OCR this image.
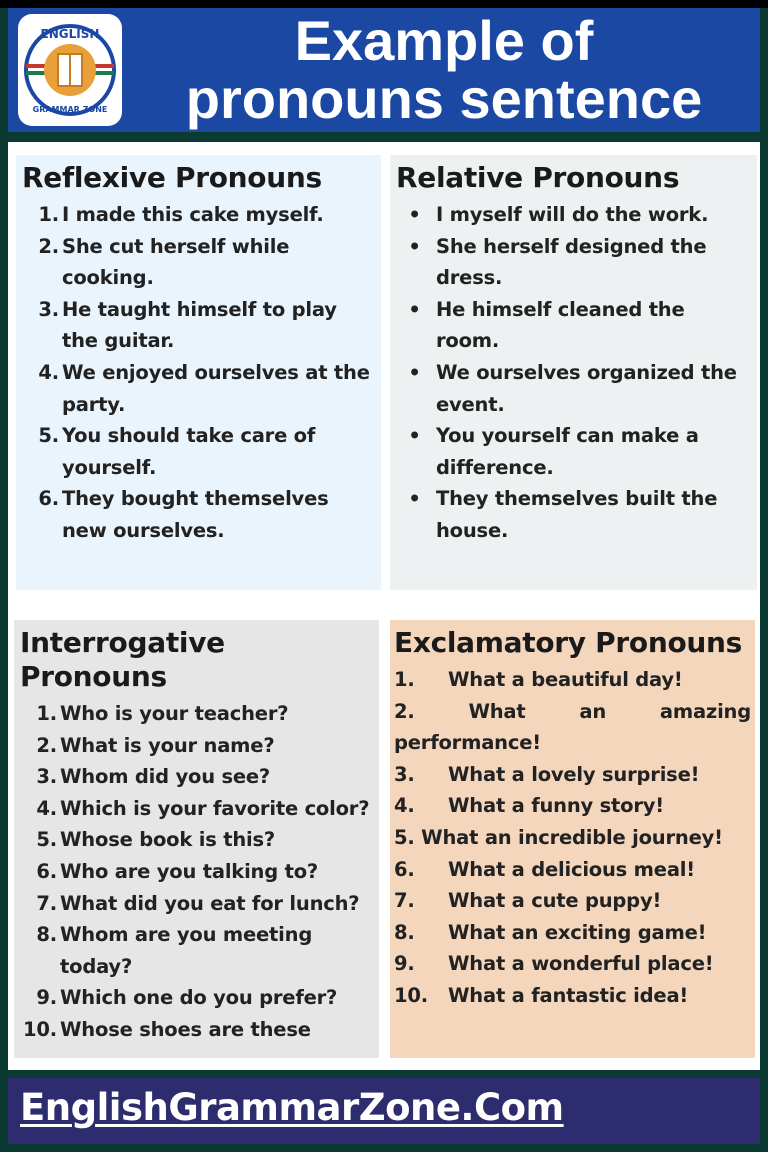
ENGLISH
GRAMMAR ZONE
Example of
pronouns sentence
Reflexive Pronouns
1. I made this cake myself.
2. She cut herself while cooking.
3. He taught himself to play the guitar.
4. We enjoyed ourselves at the party.
5. You should take care of yourself.
6. They bought themselves new ourselves.
Relative Pronouns
• I myself will do the work.
• She herself designed the dress.
• He himself cleaned the room.
• We ourselves organized the event.
• You yourself can make a difference.
• They themselves built the house.
Interrogative Pronouns
1. Who is your teacher?
2. What is your name?
3. Whom did you see?
4. Which is your favorite color?
5. Whose book is this?
6. Who are you talking to?
7. What did you eat for lunch?
8. Whom are you meeting today?
9. Which one do you prefer?
10. Whose shoes are these
Exclamatory Pronouns
1. What a beautiful day!
2. What an amazing performance!
3. What a lovely surprise!
4. What a funny story!
5. What an incredible journey!
6. What a delicious meal!
7. What a cute puppy!
8. What an exciting game!
9. What a wonderful place!
10. What a fantastic idea!
EnglishGrammarZone.Com
